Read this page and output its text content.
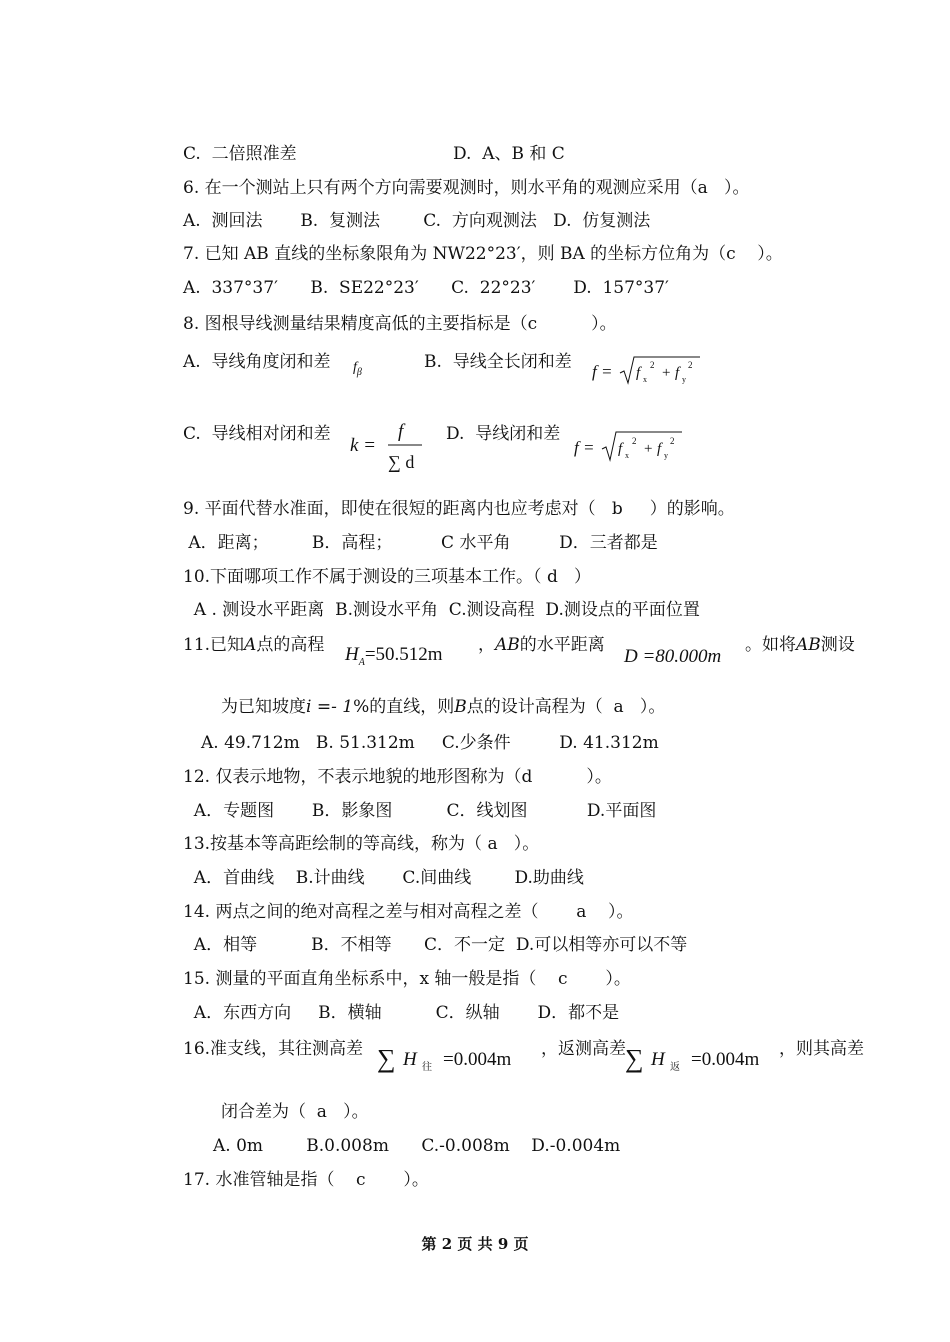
C.  二倍照准差	D.  A、B 和 C
6. 在一个测站上只有两个方向需要观测时，则水平角的观测应采用（a   ）。
A.  测回法       B.  复测法        C.  方向观测法   D.  仿复测法
7. 已知 AB 直线的坐标象限角为 NW22°23′，则 BA 的坐标方位角为（c    ）。
A.  337°37′      B.  SE22°23′      C.  22°23′       D.  157°37′
8. 图根导线测量结果精度高低的主要指标是（c          ）。
A.  导线角度闭和差 $f_\beta$
B.  导线全长闭和差 f = f x
2 + f y
2
C.  导线相对闭和差
k =
f
∑ d
D.  导线闭和差
f = f x
2 + f y
2
9. 平面代替水准面，即使在很短的距离内也应考虑对（   b     ）的影响。
A．距离；        B．高程；         C 水平角         D．三者都是
10.下面哪项工作不属于测设的三项基本工作。（ d   ）
A . 测设水平距离  B.测设水平角  C.测设高程  D.测设点的平面位置
11.已知A点的高程 $H_A=50.512m$ ，AB的水平距离
D =80.000m
。如将AB测设
为已知坡度i =- 1%的直线，则B点的设计高程为（  a   ）。
A. 49.712m   B. 51.312m     C.少条件         D. 41.312m
12. 仅表示地物，不表示地貌的地形图称为（d          ）。
A．专题图       B．影象图          C．线划图           D.平面图
13.按基本等高距绘制的等高线，称为（ a   ）。
A．首曲线    B.计曲线       C.间曲线        D.助曲线
14. 两点之间的绝对高程之差与相对高程之差（       a    ）。
A．相等          B．不相等      C．不一定  D.可以相等亦可以不等
15. 测量的平面直角坐标系中，x 轴一般是指（    c       ）。
A．东西方向     B．横轴          C．纵轴       D．都不是
16.准支线，其往测高差 ∑ H 往 =0.004m ，返测高差 ∑ H 返 =0.004m ，则其高差
闭合差为（  a   ）。
A. 0m        B.0.008m      C.-0.008m    D.-0.004m
17. 水准管轴是指（    c       ）。
第 2 页 共 9 页
